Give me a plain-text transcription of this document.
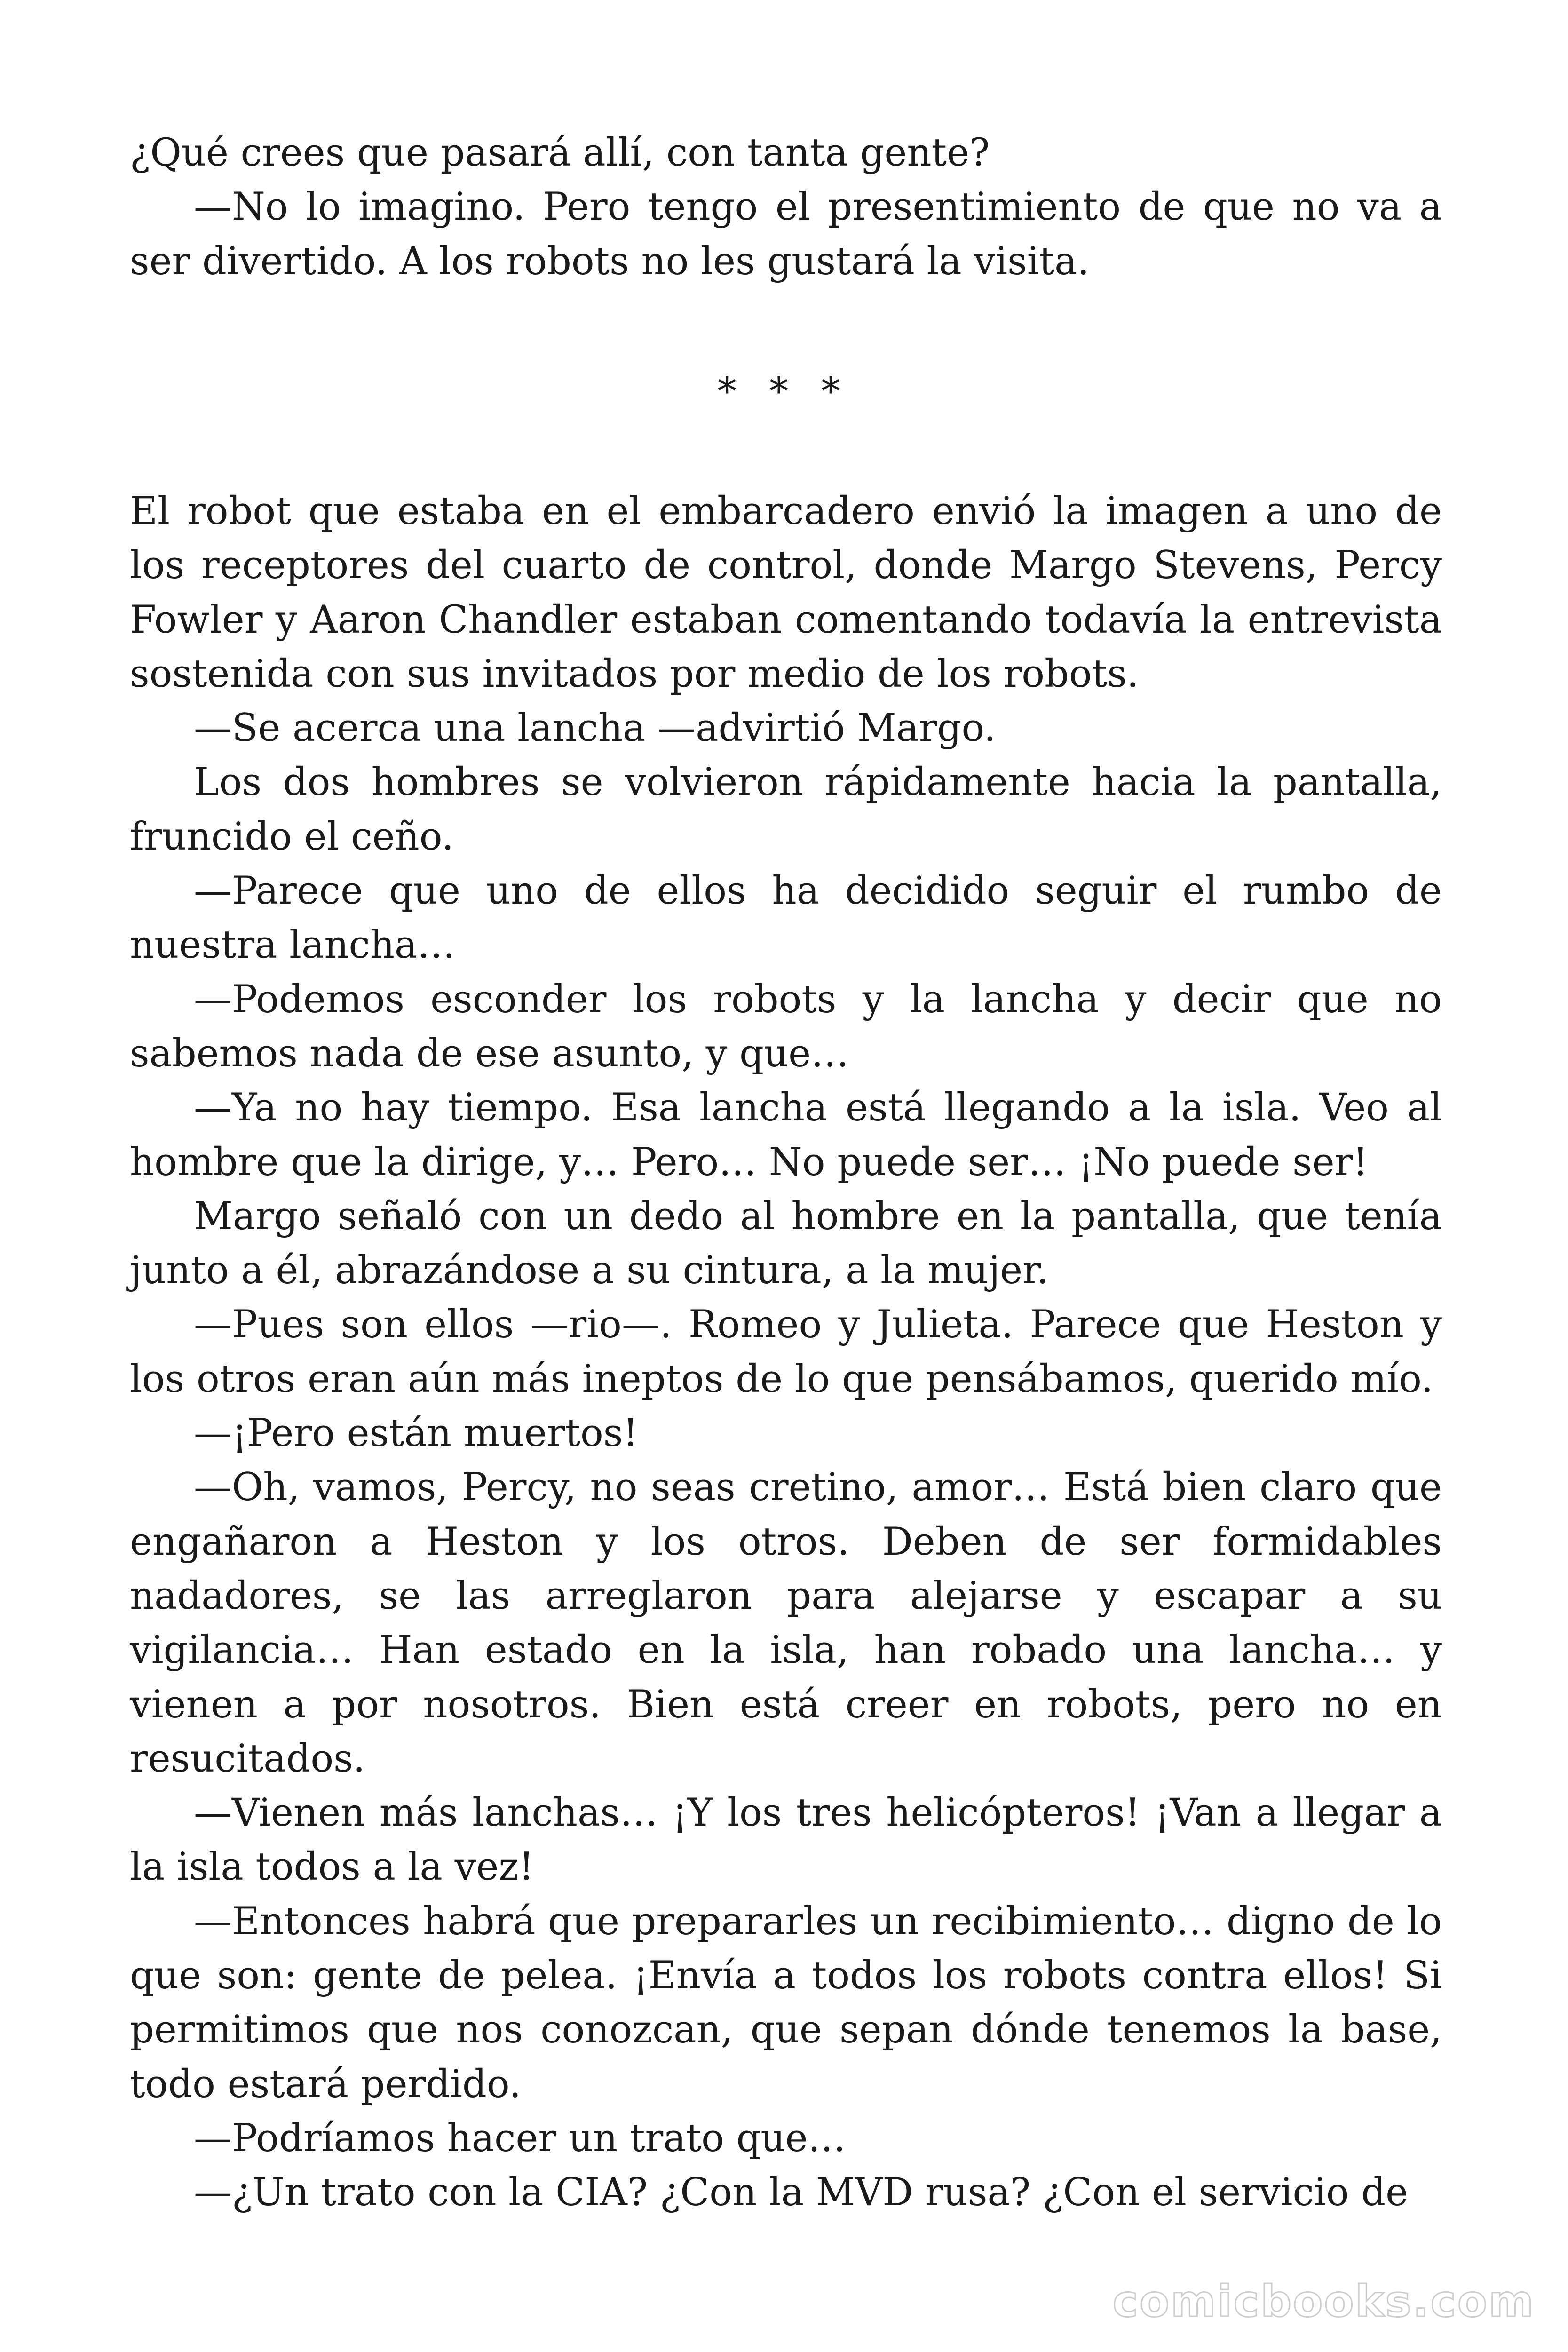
¿Qué crees que pasará allí, con tanta gente?

—No lo imagino. Pero tengo el presentimiento de que no va a ser divertido. A los robots no les gustará la visita.

* * *

El robot que estaba en el embarcadero envió la imagen a uno de los receptores del cuarto de control, donde Margo Stevens, Percy Fowler y Aaron Chandler estaban comentando todavía la entrevista sostenida con sus invitados por medio de los robots.

—Se acerca una lancha —advirtió Margo.

Los dos hombres se volvieron rápidamente hacia la pantalla, fruncido el ceño.

—Parece que uno de ellos ha decidido seguir el rumbo de nuestra lancha…

—Podemos esconder los robots y la lancha y decir que no sabemos nada de ese asunto, y que…

—Ya no hay tiempo. Esa lancha está llegando a la isla. Veo al hombre que la dirige, y… Pero… No puede ser… ¡No puede ser!

Margo señaló con un dedo al hombre en la pantalla, que tenía junto a él, abrazándose a su cintura, a la mujer.

—Pues son ellos —rio—. Romeo y Julieta. Parece que Heston y los otros eran aún más ineptos de lo que pensábamos, querido mío.

—¡Pero están muertos!

—Oh, vamos, Percy, no seas cretino, amor… Está bien claro que engañaron a Heston y los otros. Deben de ser formidables nadadores, se las arreglaron para alejarse y escapar a su vigilancia… Han estado en la isla, han robado una lancha… y vienen a por nosotros. Bien está creer en robots, pero no en resucitados.

—Vienen más lanchas… ¡Y los tres helicópteros! ¡Van a llegar a la isla todos a la vez!

—Entonces habrá que prepararles un recibimiento… digno de lo que son: gente de pelea. ¡Envía a todos los robots contra ellos! Si permitimos que nos conozcan, que sepan dónde tenemos la base, todo estará perdido.

—Podríamos hacer un trato que…

—¿Un trato con la CIA? ¿Con la MVD rusa? ¿Con el servicio de

comicbooks.com
